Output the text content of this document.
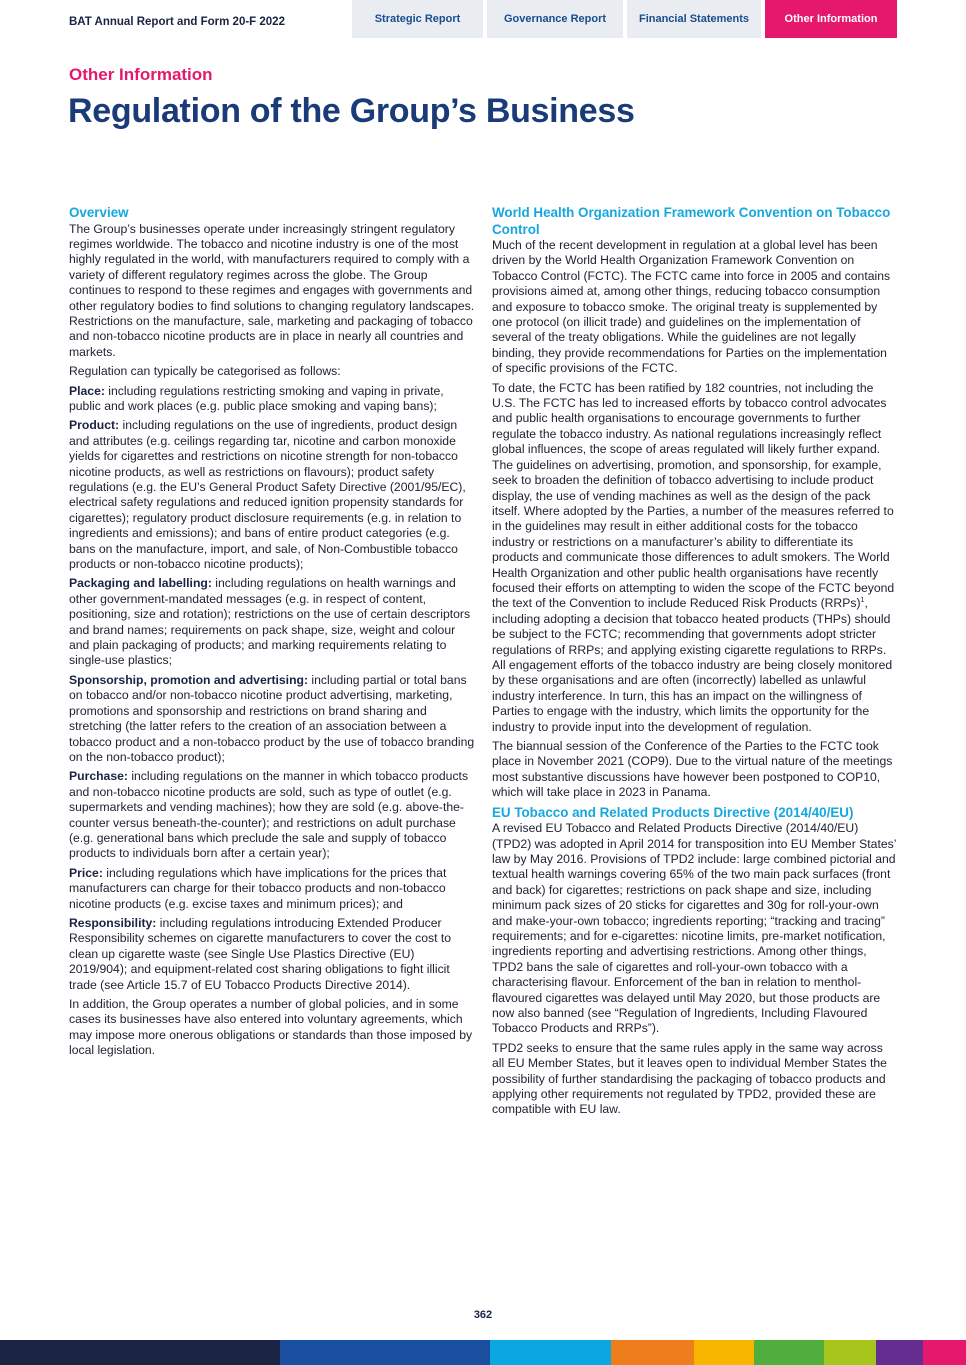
BAT Annual Report and Form 20-F 2022	Strategic Report	Governance Report	Financial Statements	Other Information
Other Information
Regulation of the Group’s Business
Overview

The Group’s businesses operate under increasingly stringent regulatory regimes worldwide. The tobacco and nicotine industry is one of the most highly regulated in the world, with manufacturers required to comply with a variety of different regulatory regimes across the globe. The Group continues to respond to these regimes and engages with governments and other regulatory bodies to find solutions to changing regulatory landscapes. Restrictions on the manufacture, sale, marketing and packaging of tobacco and non-tobacco nicotine products are in place in nearly all countries and markets.

Regulation can typically be categorised as follows:

Place: including regulations restricting smoking and vaping in private, public and work places (e.g. public place smoking and vaping bans);

Product: including regulations on the use of ingredients, product design and attributes (e.g. ceilings regarding tar, nicotine and carbon monoxide yields for cigarettes and restrictions on nicotine strength for non-tobacco nicotine products, as well as restrictions on flavours); product safety regulations (e.g. the EU’s General Product Safety Directive (2001/95/EC), electrical safety regulations and reduced ignition propensity standards for cigarettes); regulatory product disclosure requirements (e.g. in relation to ingredients and emissions); and bans of entire product categories (e.g. bans on the manufacture, import, and sale, of Non-Combustible tobacco products or non-tobacco nicotine products);

Packaging and labelling: including regulations on health warnings and other government-mandated messages (e.g. in respect of content, positioning, size and rotation); restrictions on the use of certain descriptors and brand names; requirements on pack shape, size, weight and colour and plain packaging of products; and marking requirements relating to single-use plastics;

Sponsorship, promotion and advertising: including partial or total bans on tobacco and/or non-tobacco nicotine product advertising, marketing, promotions and sponsorship and restrictions on brand sharing and stretching (the latter refers to the creation of an association between a tobacco product and a non-tobacco product by the use of tobacco branding on the non-tobacco product);

Purchase: including regulations on the manner in which tobacco products and non-tobacco nicotine products are sold, such as type of outlet (e.g. supermarkets and vending machines); how they are sold (e.g. above-the-counter versus beneath-the-counter); and restrictions on adult purchase (e.g. generational bans which preclude the sale and supply of tobacco products to individuals born after a certain year);

Price: including regulations which have implications for the prices that manufacturers can charge for their tobacco products and non-tobacco nicotine products (e.g. excise taxes and minimum prices); and

Responsibility: including regulations introducing Extended Producer Responsibility schemes on cigarette manufacturers to cover the cost to clean up cigarette waste (see Single Use Plastics Directive (EU) 2019/904); and equipment-related cost sharing obligations to fight illicit trade (see Article 15.7 of EU Tobacco Products Directive 2014).

In addition, the Group operates a number of global policies, and in some cases its businesses have also entered into voluntary agreements, which may impose more onerous obligations or standards than those imposed by local legislation.

World Health Organization Framework Convention on Tobacco Control

Much of the recent development in regulation at a global level has been driven by the World Health Organization Framework Convention on Tobacco Control (FCTC). The FCTC came into force in 2005 and contains provisions aimed at, among other things, reducing tobacco consumption and exposure to tobacco smoke. The original treaty is supplemented by one protocol (on illicit trade) and guidelines on the implementation of several of the treaty obligations. While the guidelines are not legally binding, they provide recommendations for Parties on the implementation of specific provisions of the FCTC.

To date, the FCTC has been ratified by 182 countries, not including the U.S. The FCTC has led to increased efforts by tobacco control advocates and public health organisations to encourage governments to further regulate the tobacco industry. As national regulations increasingly reflect global influences, the scope of areas regulated will likely further expand. The guidelines on advertising, promotion, and sponsorship, for example, seek to broaden the definition of tobacco advertising to include product display, the use of vending machines as well as the design of the pack itself. Where adopted by the Parties, a number of the measures referred to in the guidelines may result in either additional costs for the tobacco industry or restrictions on a manufacturer’s ability to differentiate its products and communicate those differences to adult smokers. The World Health Organization and other public health organisations have recently focused their efforts on attempting to widen the scope of the FCTC beyond the text of the Convention to include Reduced Risk Products (RRPs)$^1$, including adopting a decision that tobacco heated products (THPs) should be subject to the FCTC; recommending that governments adopt stricter regulations of RRPs; and applying existing cigarette regulations to RRPs. All engagement efforts of the tobacco industry are being closely monitored by these organisations and are often (incorrectly) labelled as unlawful industry interference. In turn, this has an impact on the willingness of Parties to engage with the industry, which limits the opportunity for the industry to provide input into the development of regulation.

The biannual session of the Conference of the Parties to the FCTC took place in November 2021 (COP9). Due to the virtual nature of the meetings most substantive discussions have however been postponed to COP10, which will take place in 2023 in Panama.

EU Tobacco and Related Products Directive (2014/40/EU)

A revised EU Tobacco and Related Products Directive (2014/40/EU) (TPD2) was adopted in April 2014 for transposition into EU Member States’ law by May 2016. Provisions of TPD2 include: large combined pictorial and textual health warnings covering 65% of the two main pack surfaces (front and back) for cigarettes; restrictions on pack shape and size, including minimum pack sizes of 20 sticks for cigarettes and 30g for roll-your-own and make-your-own tobacco; ingredients reporting; “tracking and tracing” requirements; and for e-cigarettes: nicotine limits, pre-market notification, ingredients reporting and advertising restrictions. Among other things, TPD2 bans the sale of cigarettes and roll-your-own tobacco with a characterising flavour. Enforcement of the ban in relation to menthol-flavoured cigarettes was delayed until May 2020, but those products are now also banned (see “Regulation of Ingredients, Including Flavoured Tobacco Products and RRPs”).

TPD2 seeks to ensure that the same rules apply in the same way across all EU Member States, but it leaves open to individual Member States the possibility of further standardising the packaging of tobacco products and applying other requirements not regulated by TPD2, provided these are compatible with EU law.

362
